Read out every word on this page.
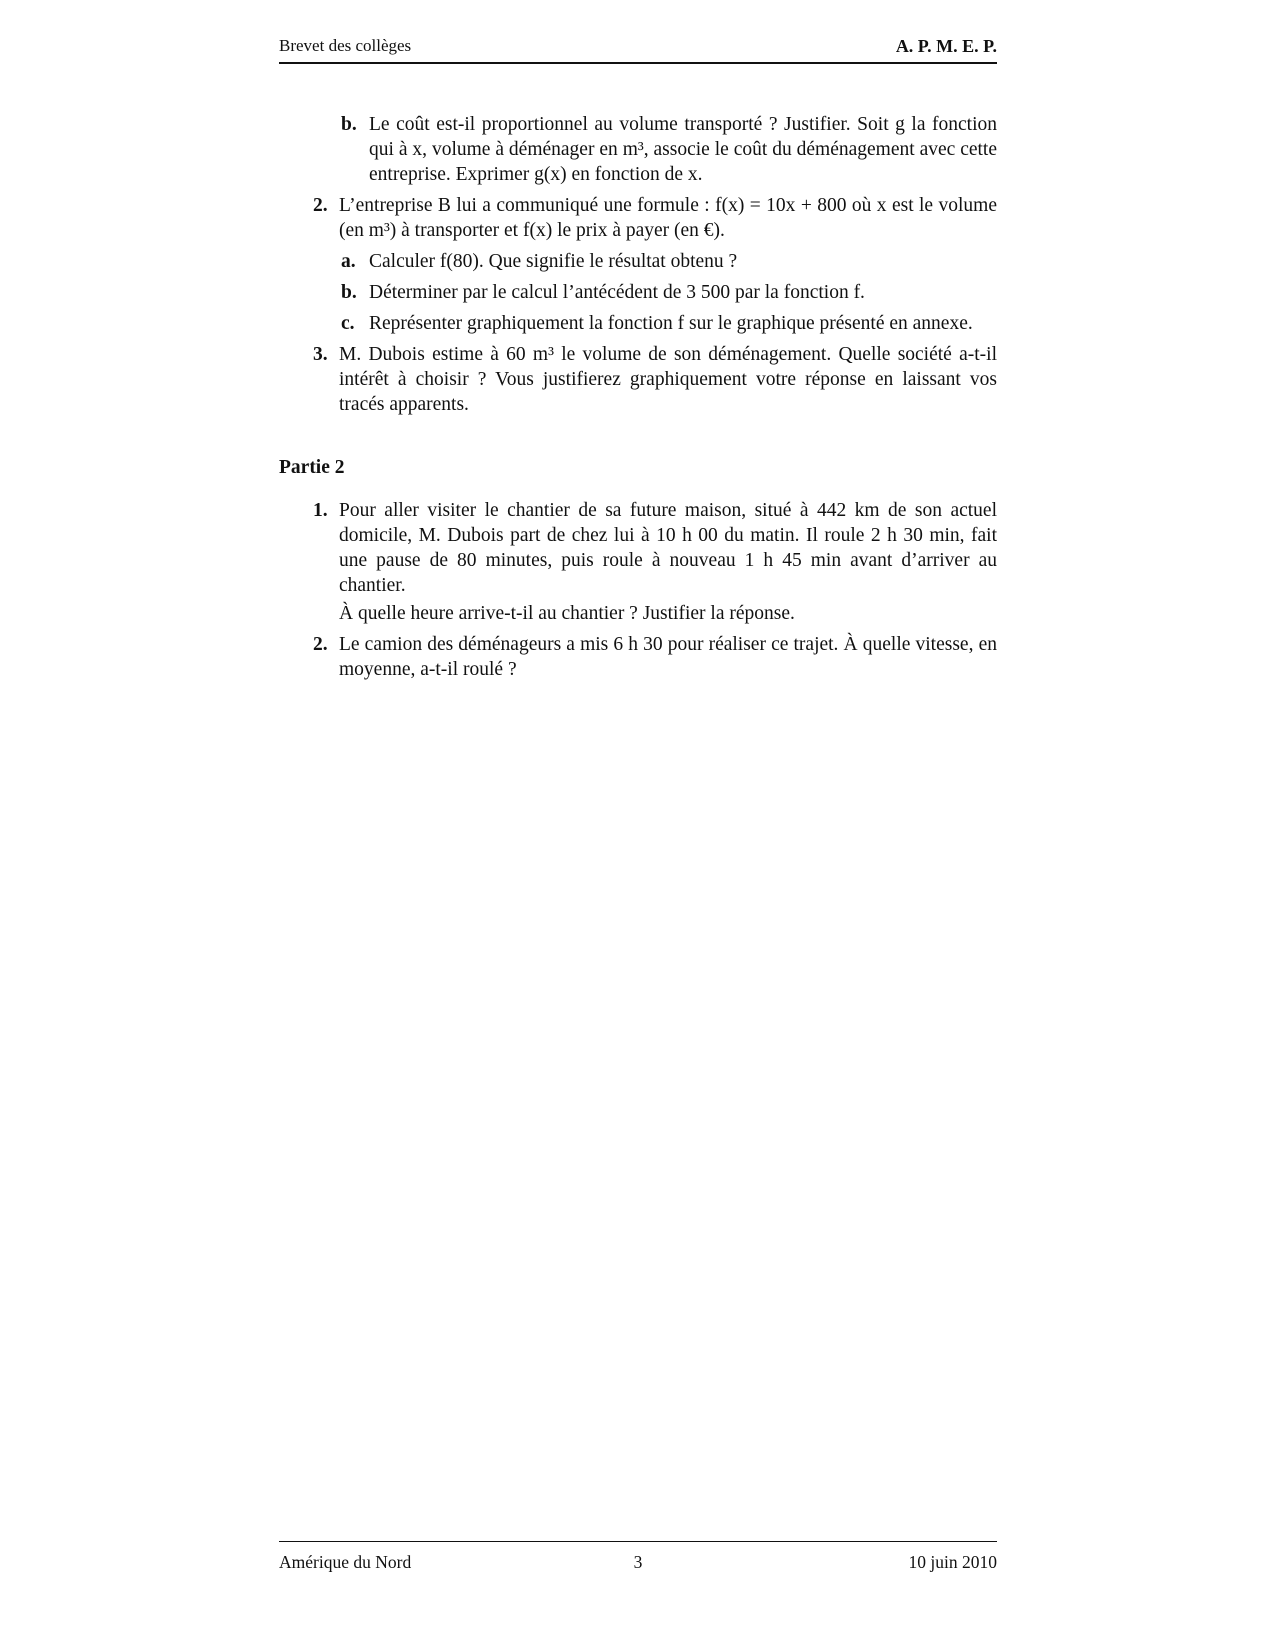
Brevet des collèges	A. P. M. E. P.
b. Le coût est-il proportionnel au volume transporté ? Justifier. Soit g la fonction qui à x, volume à déménager en m³, associe le coût du déménagement avec cette entreprise. Exprimer g(x) en fonction de x.

2. L’entreprise B lui a communiqué une formule : f(x) = 10x + 800 où x est le volume (en m³) à transporter et f(x) le prix à payer (en €).

a. Calculer f(80). Que signifie le résultat obtenu ?

b. Déterminer par le calcul l’antécédent de 3 500 par la fonction f.

c. Représenter graphiquement la fonction f sur le graphique présenté en annexe.

3. M. Dubois estime à 60 m³ le volume de son déménagement. Quelle société a-t-il intérêt à choisir ? Vous justifierez graphiquement votre réponse en laissant vos tracés apparents.

Partie 2
1. Pour aller visiter le chantier de sa future maison, situé à 442 km de son actuel domicile, M. Dubois part de chez lui à 10 h 00 du matin. Il roule 2 h 30 min, fait une pause de 80 minutes, puis roule à nouveau 1 h 45 min avant d’arriver au chantier.

À quelle heure arrive-t-il au chantier ? Justifier la réponse.

2. Le camion des déménageurs a mis 6 h 30 pour réaliser ce trajet. À quelle vitesse, en moyenne, a-t-il roulé ?

Amérique du Nord	3	10 juin 2010
